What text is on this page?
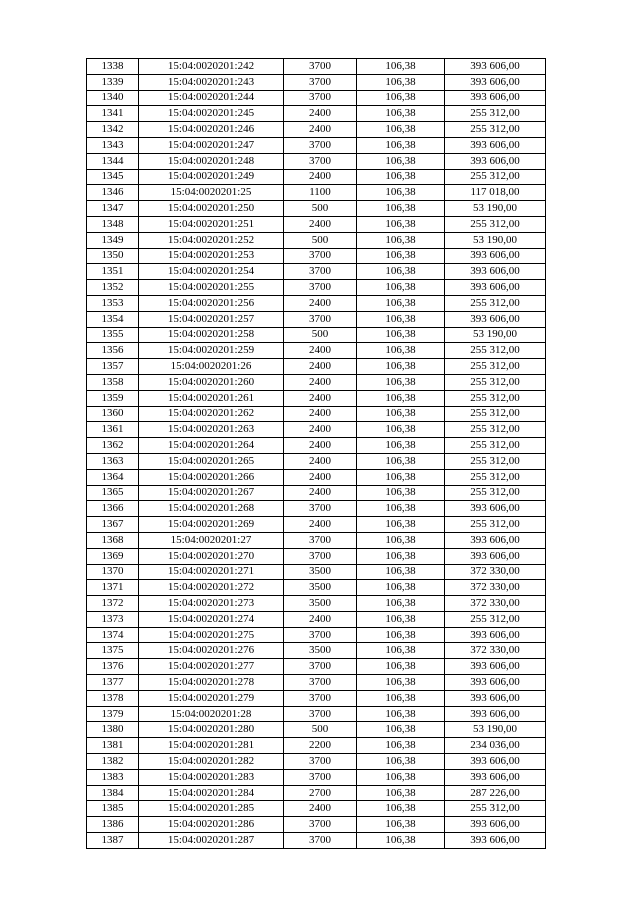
1338	15:04:0020201:242	3700	106,38	393 606,00
1339	15:04:0020201:243	3700	106,38	393 606,00
1340	15:04:0020201:244	3700	106,38	393 606,00
1341	15:04:0020201:245	2400	106,38	255 312,00
1342	15:04:0020201:246	2400	106,38	255 312,00
1343	15:04:0020201:247	3700	106,38	393 606,00
1344	15:04:0020201:248	3700	106,38	393 606,00
1345	15:04:0020201:249	2400	106,38	255 312,00
1346	15:04:0020201:25	1100	106,38	117 018,00
1347	15:04:0020201:250	500	106,38	53 190,00
1348	15:04:0020201:251	2400	106,38	255 312,00
1349	15:04:0020201:252	500	106,38	53 190,00
1350	15:04:0020201:253	3700	106,38	393 606,00
1351	15:04:0020201:254	3700	106,38	393 606,00
1352	15:04:0020201:255	3700	106,38	393 606,00
1353	15:04:0020201:256	2400	106,38	255 312,00
1354	15:04:0020201:257	3700	106,38	393 606,00
1355	15:04:0020201:258	500	106,38	53 190,00
1356	15:04:0020201:259	2400	106,38	255 312,00
1357	15:04:0020201:26	2400	106,38	255 312,00
1358	15:04:0020201:260	2400	106,38	255 312,00
1359	15:04:0020201:261	2400	106,38	255 312,00
1360	15:04:0020201:262	2400	106,38	255 312,00
1361	15:04:0020201:263	2400	106,38	255 312,00
1362	15:04:0020201:264	2400	106,38	255 312,00
1363	15:04:0020201:265	2400	106,38	255 312,00
1364	15:04:0020201:266	2400	106,38	255 312,00
1365	15:04:0020201:267	2400	106,38	255 312,00
1366	15:04:0020201:268	3700	106,38	393 606,00
1367	15:04:0020201:269	2400	106,38	255 312,00
1368	15:04:0020201:27	3700	106,38	393 606,00
1369	15:04:0020201:270	3700	106,38	393 606,00
1370	15:04:0020201:271	3500	106,38	372 330,00
1371	15:04:0020201:272	3500	106,38	372 330,00
1372	15:04:0020201:273	3500	106,38	372 330,00
1373	15:04:0020201:274	2400	106,38	255 312,00
1374	15:04:0020201:275	3700	106,38	393 606,00
1375	15:04:0020201:276	3500	106,38	372 330,00
1376	15:04:0020201:277	3700	106,38	393 606,00
1377	15:04:0020201:278	3700	106,38	393 606,00
1378	15:04:0020201:279	3700	106,38	393 606,00
1379	15:04:0020201:28	3700	106,38	393 606,00
1380	15:04:0020201:280	500	106,38	53 190,00
1381	15:04:0020201:281	2200	106,38	234 036,00
1382	15:04:0020201:282	3700	106,38	393 606,00
1383	15:04:0020201:283	3700	106,38	393 606,00
1384	15:04:0020201:284	2700	106,38	287 226,00
1385	15:04:0020201:285	2400	106,38	255 312,00
1386	15:04:0020201:286	3700	106,38	393 606,00
1387	15:04:0020201:287	3700	106,38	393 606,00
